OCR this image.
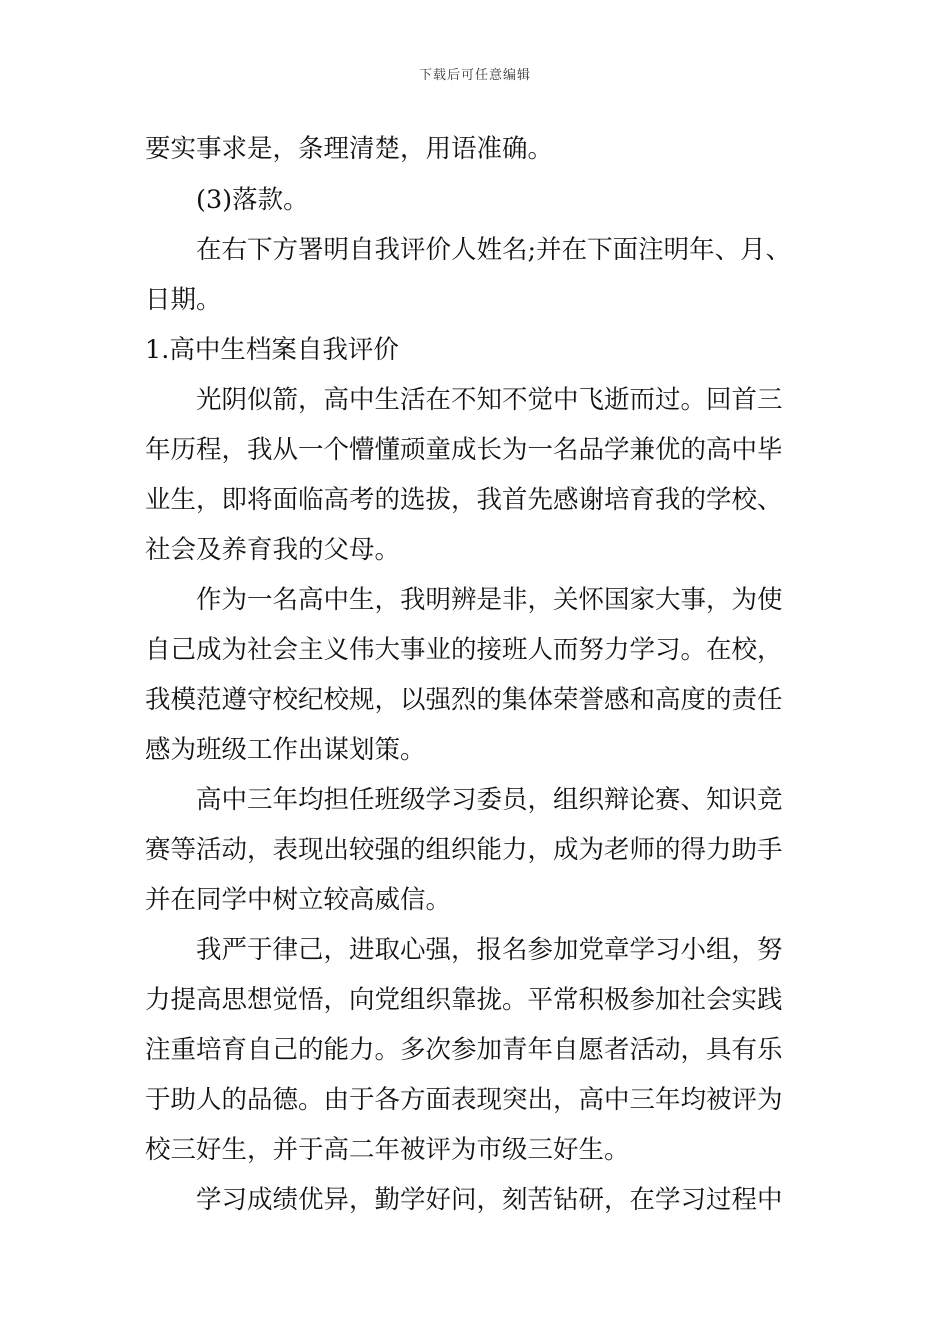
下载后可任意编辑
要实事求是，条理清楚，用语准确。
(3)落款。
在右下方署明自我评价人姓名;并在下面注明年、月、
日期。
1.高中生档案自我评价
光阴似箭，高中生活在不知不觉中飞逝而过。回首三
年历程，我从一个懵懂顽童成长为一名品学兼优的高中毕
业生，即将面临高考的选拔，我首先感谢培育我的学校、
社会及养育我的父母。
作为一名高中生，我明辨是非，关怀国家大事，为使
自己成为社会主义伟大事业的接班人而努力学习。在校，
我模范遵守校纪校规，以强烈的集体荣誉感和高度的责任
感为班级工作出谋划策。
高中三年均担任班级学习委员，组织辩论赛、知识竞
赛等活动，表现出较强的组织能力，成为老师的得力助手
并在同学中树立较高威信。
我严于律己，进取心强，报名参加党章学习小组，努
力提高思想觉悟，向党组织靠拢。平常积极参加社会实践
注重培育自己的能力。多次参加青年自愿者活动，具有乐
于助人的品德。由于各方面表现突出，高中三年均被评为
校三好生，并于高二年被评为市级三好生。
学习成绩优异，勤学好问，刻苦钻研，在学习过程中
